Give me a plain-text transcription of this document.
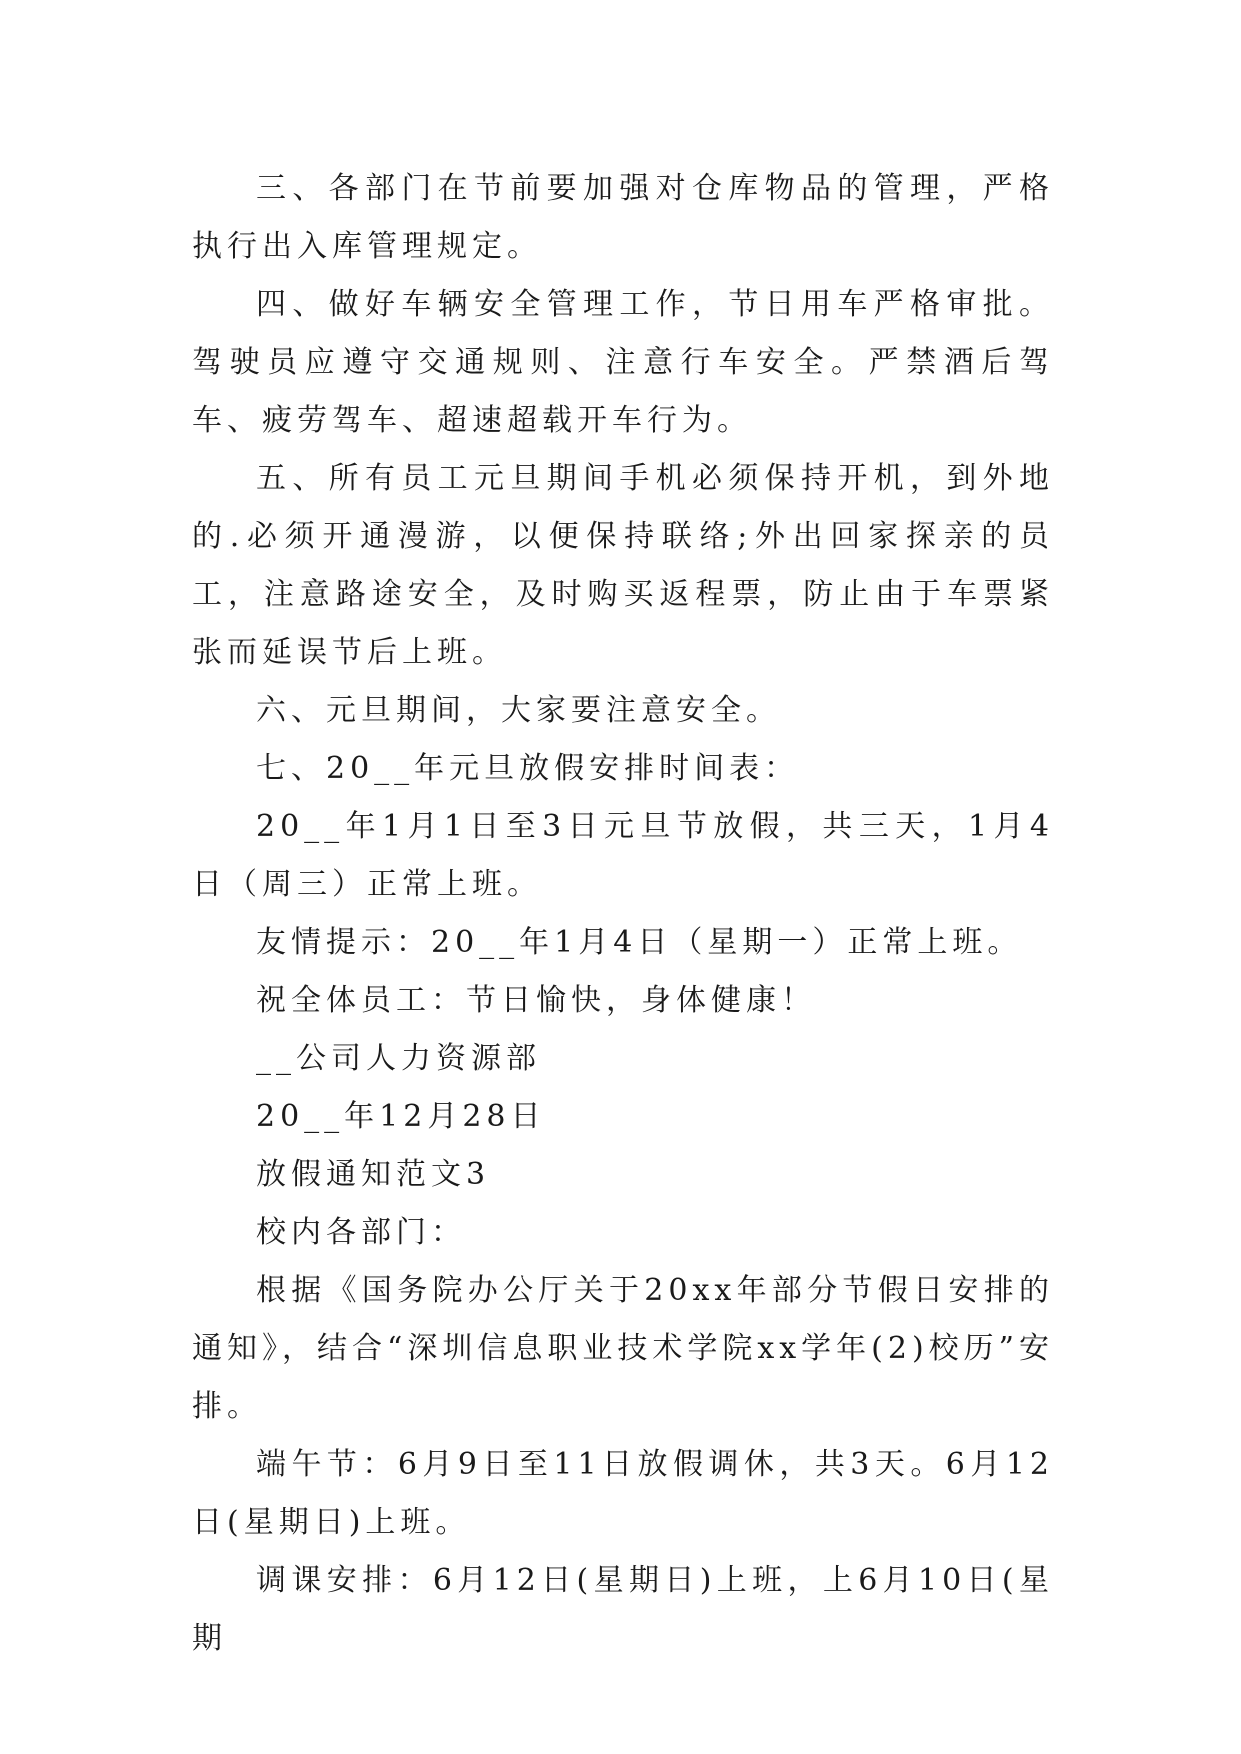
三、各部门在节前要加强对仓库物品的管理，严格执行出入库管理规定。

四、做好车辆安全管理工作，节日用车严格审批。驾驶员应遵守交通规则、注意行车安全。严禁酒后驾车、疲劳驾车、超速超载开车行为。

五、所有员工元旦期间手机必须保持开机，到外地的.必须开通漫游，以便保持联络;外出回家探亲的员工，注意路途安全，及时购买返程票，防止由于车票紧张而延误节后上班。

六、元旦期间，大家要注意安全。

七、20__年元旦放假安排时间表：

20__年1月1日至3日元旦节放假，共三天，1月4日（周三）正常上班。

友情提示：20__年1月4日（星期一）正常上班。

祝全体员工：节日愉快，身体健康！

__公司人力资源部

20__年12月28日

放假通知范文3

校内各部门：

根据《国务院办公厅关于20xx年部分节假日安排的通知》，结合“深圳信息职业技术学院xx学年(2)校历”安排。

端午节：6月9日至11日放假调休，共3天。6月12日(星期日)上班。

调课安排：6月12日(星期日)上班，上6月10日(星期
